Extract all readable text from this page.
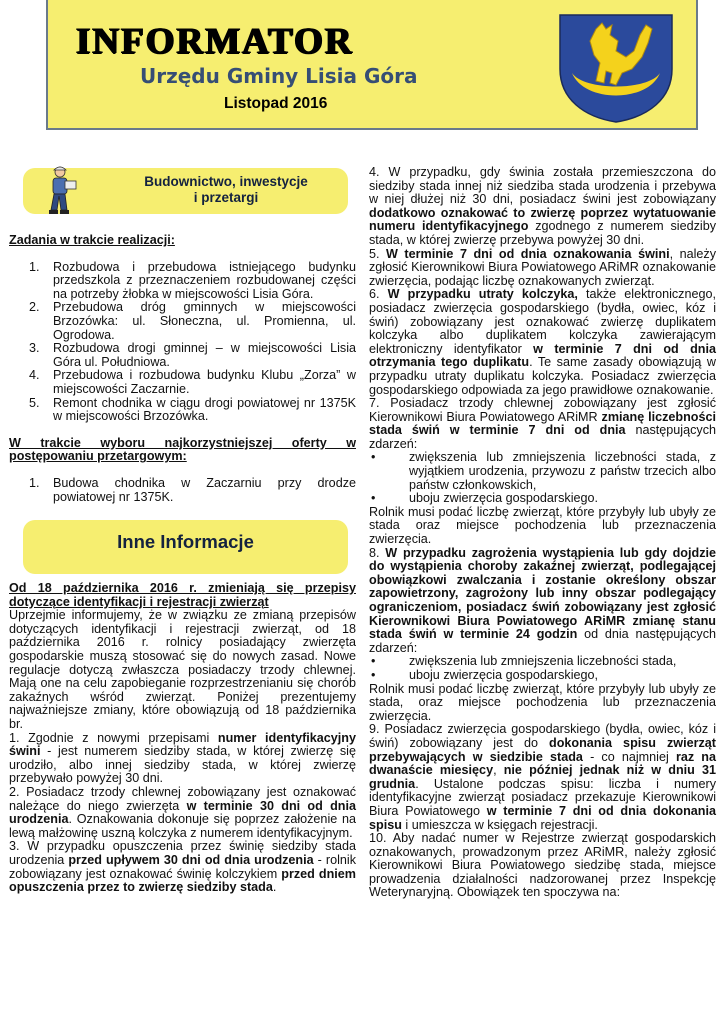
INFORMATOR
Urzędu Gminy Lisia Góra
Listopad 2016
Budownictwo, inwestycje
i przetargi

Zadania w trakcie realizacji:

1. Rozbudowa i przebudowa istniejącego budynku przedszkola z przeznaczeniem rozbudowanej części na potrzeby żłobka w miejscowości Lisia Góra.
2. Przebudowa dróg gminnych w miejscowości Brzozówka: ul. Słoneczna, ul. Promienna, ul. Ogrodowa.
3. Rozbudowa drogi gminnej – w miejscowości Lisia Góra ul. Południowa.
4. Przebudowa i rozbudowa budynku Klubu „Zorza” w miejscowości Zaczarnie.
5. Remont chodnika w ciągu drogi powiatowej nr 1375K w miejscowości Brzozówka.

W trakcie wyboru najkorzystniejszej oferty w postępowaniu przetargowym:

1. Budowa chodnika w Zaczarniu przy drodze powiatowej nr 1375K.
Inne Informacje

Od 18 października 2016 r. zmieniają się przepisy dotyczące identyfikacji i rejestracji zwierząt

Uprzejmie informujemy, że w związku ze zmianą przepisów dotyczących identyfikacji i rejestracji zwierząt, od 18 października 2016 r. rolnicy posiadający zwierzęta gospodarskie muszą stosować się do nowych zasad. Nowe regulacje dotyczą zwłaszcza posiadaczy trzody chlewnej. Mają one na celu zapobieganie rozprzestrzenianiu się chorób zakaźnych wśród zwierząt. Poniżej prezentujemy najważniejsze zmiany, które obowiązują od 18 października br.

1. Zgodnie z nowymi przepisami numer identyfikacyjny świni - jest numerem siedziby stada, w której zwierzę się urodziło, albo innej siedziby stada, w której zwierzę przebywało powyżej 30 dni.

2. Posiadacz trzody chlewnej zobowiązany jest oznakować należące do niego zwierzęta w terminie 30 dni od dnia urodzenia. Oznakowania dokonuje się poprzez założenie na lewą małżowinę uszną kolczyka z numerem identyfikacyjnym.

3. W przypadku opuszczenia przez świnię siedziby stada urodzenia przed upływem 30 dni od dnia urodzenia - rolnik zobowiązany jest oznakować świnię kolczykiem przed dniem opuszczenia przez to zwierzę siedziby stada.

4. W przypadku, gdy świnia została przemieszczona do siedziby stada innej niż siedziba stada urodzenia i przebywa w niej dłużej niż 30 dni, posiadacz świni jest zobowiązany dodatkowo oznakować to zwierzę poprzez wytatuowanie numeru identyfikacyjnego zgodnego z numerem siedziby stada, w której zwierzę przebywa powyżej 30 dni.

5. W terminie 7 dni od dnia oznakowania świni, należy zgłosić Kierownikowi Biura Powiatowego ARiMR oznakowanie zwierzęcia, podając liczbę oznakowanych zwierząt.

6. W przypadku utraty kolczyka, także elektronicznego, posiadacz zwierzęcia gospodarskiego (bydła, owiec, kóz i świń) zobowiązany jest oznakować zwierzę duplikatem kolczyka albo duplikatem kolczyka zawierającym elektroniczny identyfikator w terminie 7 dni od dnia otrzymania tego duplikatu. Te same zasady obowiązują w przypadku utraty duplikatu kolczyka. Posiadacz zwierzęcia gospodarskiego odpowiada za jego prawidłowe oznakowanie.

7. Posiadacz trzody chlewnej zobowiązany jest zgłosić Kierownikowi Biura Powiatowego ARiMR zmianę liczebności stada świń w terminie 7 dni od dnia następujących zdarzeń:

•	zwiększenia lub zmniejszenia liczebności stada, z wyjątkiem urodzenia, przywozu z państw trzecich albo państw członkowskich,
•	uboju zwierzęcia gospodarskiego.

Rolnik musi podać liczbę zwierząt, które przybyły lub ubyły ze stada oraz miejsce pochodzenia lub przeznaczenia zwierzęcia.

8. W przypadku zagrożenia wystąpienia lub gdy dojdzie do wystąpienia choroby zakaźnej zwierząt, podlegającej obowiązkowi zwalczania i zostanie określony obszar zapowietrzony, zagrożony lub inny obszar podlegający ograniczeniom, posiadacz świń zobowiązany jest zgłosić Kierownikowi Biura Powiatowego ARiMR zmianę stanu stada świń w terminie 24 godzin od dnia następujących zdarzeń:

•	zwiększenia lub zmniejszenia liczebności stada,
•	uboju zwierzęcia gospodarskiego,

Rolnik musi podać liczbę zwierząt, które przybyły lub ubyły ze stada, oraz miejsce pochodzenia lub przeznaczenia zwierzęcia.

9. Posiadacz zwierzęcia gospodarskiego (bydła, owiec, kóz i świń) zobowiązany jest do dokonania spisu zwierząt przebywających w siedzibie stada - co najmniej raz na dwanaście miesięcy, nie później jednak niż w dniu 31 grudnia. Ustalone podczas spisu: liczba i numery identyfikacyjne zwierząt posiadacz przekazuje Kierownikowi Biura Powiatowego w terminie 7 dni od dnia dokonania spisu i umieszcza w księgach rejestracji.

10. Aby nadać numer w Rejestrze zwierząt gospodarskich oznakowanych, prowadzonym przez ARiMR, należy zgłosić Kierownikowi Biura Powiatowego siedzibę stada, miejsce prowadzenia działalności nadzorowanej przez Inspekcję Weterynaryjną. Obowiązek ten spoczywa na:
